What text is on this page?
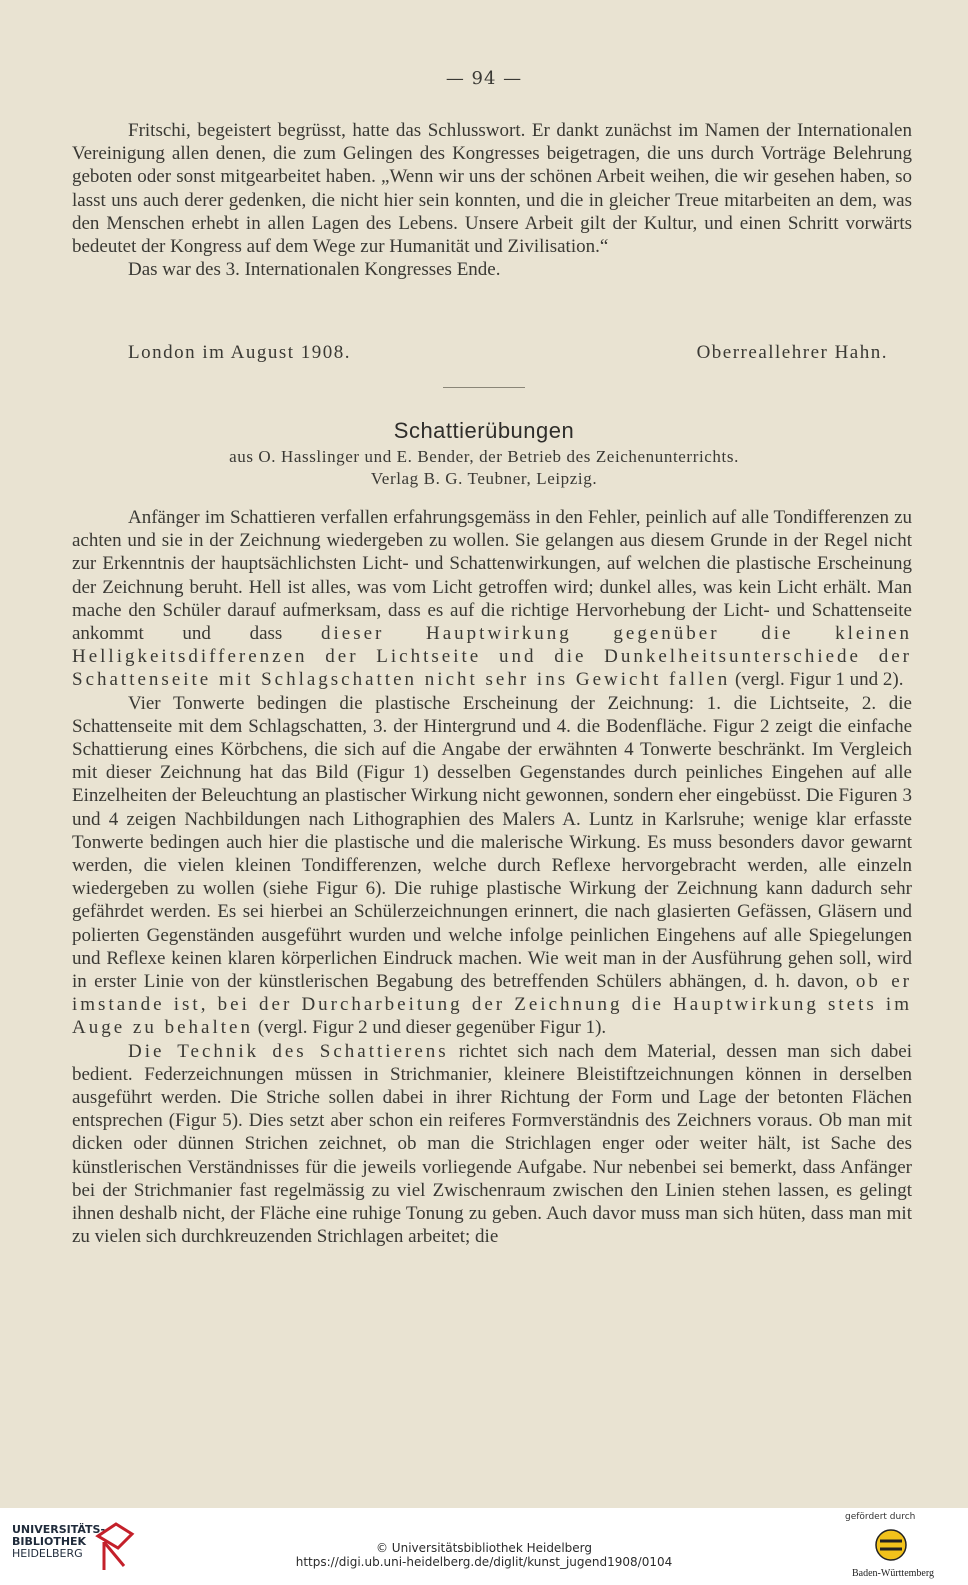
— 94 —

Fritschi, begeistert begrüsst, hatte das Schlusswort. Er dankt zunächst im Namen der Internationalen Vereinigung allen denen, die zum Gelingen des Kongresses beigetragen, die uns durch Vorträge Belehrung geboten oder sonst mitgearbeitet haben. „Wenn wir uns der schönen Arbeit weihen, die wir gesehen haben, so lasst uns auch derer gedenken, die nicht hier sein konnten, und die in gleicher Treue mitarbeiten an dem, was den Menschen erhebt in allen Lagen des Lebens. Unsere Arbeit gilt der Kultur, und einen Schritt vorwärts bedeutet der Kongress auf dem Wege zur Humanität und Zivilisation.“

Das war des 3. Internationalen Kongresses Ende.

London im August 1908.	Oberreallehrer Hahn.
Schattierübungen
aus O. Hasslinger und E. Bender, der Betrieb des Zeichenunterrichts.
Verlag B. G. Teubner, Leipzig.

Anfänger im Schattieren verfallen erfahrungsgemäss in den Fehler, peinlich auf alle Tondifferenzen zu achten und sie in der Zeichnung wiedergeben zu wollen. Sie gelangen aus diesem Grunde in der Regel nicht zur Erkenntnis der hauptsächlichsten Licht- und Schattenwirkungen, auf welchen die plastische Erscheinung der Zeichnung beruht. Hell ist alles, was vom Licht getroffen wird; dunkel alles, was kein Licht erhält. Man mache den Schüler darauf aufmerksam, dass es auf die richtige Hervorhebung der Licht- und Schattenseite ankommt und dass dieser Hauptwirkung gegenüber die kleinen Helligkeitsdifferenzen der Lichtseite und die Dunkelheitsunterschiede der Schattenseite mit Schlagschatten nicht sehr ins Gewicht fallen (vergl. Figur 1 und 2).

Vier Tonwerte bedingen die plastische Erscheinung der Zeichnung: 1. die Lichtseite, 2. die Schattenseite mit dem Schlagschatten, 3. der Hintergrund und 4. die Bodenfläche. Figur 2 zeigt die einfache Schattierung eines Körbchens, die sich auf die Angabe der erwähnten 4 Tonwerte beschränkt. Im Vergleich mit dieser Zeichnung hat das Bild (Figur 1) desselben Gegenstandes durch peinliches Eingehen auf alle Einzelheiten der Beleuchtung an plastischer Wirkung nicht gewonnen, sondern eher eingebüsst. Die Figuren 3 und 4 zeigen Nachbildungen nach Lithographien des Malers A. Luntz in Karlsruhe; wenige klar erfasste Tonwerte bedingen auch hier die plastische und die malerische Wirkung. Es muss besonders davor gewarnt werden, die vielen kleinen Tondifferenzen, welche durch Reflexe hervorgebracht werden, alle einzeln wiedergeben zu wollen (siehe Figur 6). Die ruhige plastische Wirkung der Zeichnung kann dadurch sehr gefährdet werden. Es sei hierbei an Schülerzeichnungen erinnert, die nach glasierten Gefässen, Gläsern und polierten Gegenständen ausgeführt wurden und welche infolge peinlichen Eingehens auf alle Spiegelungen und Reflexe keinen klaren körperlichen Eindruck machen. Wie weit man in der Ausführung gehen soll, wird in erster Linie von der künstlerischen Begabung des betreffenden Schülers abhängen, d. h. davon, ob er imstande ist, bei der Durcharbeitung der Zeichnung die Hauptwirkung stets im Auge zu behalten (vergl. Figur 2 und dieser gegenüber Figur 1).

Die Technik des Schattierens richtet sich nach dem Material, dessen man sich dabei bedient. Federzeichnungen müssen in Strichmanier, kleinere Bleistiftzeichnungen können in derselben ausgeführt werden. Die Striche sollen dabei in ihrer Richtung der Form und Lage der betonten Flächen entsprechen (Figur 5). Dies setzt aber schon ein reiferes Formverständnis des Zeichners voraus. Ob man mit dicken oder dünnen Strichen zeichnet, ob man die Strichlagen enger oder weiter hält, ist Sache des künstlerischen Verständnisses für die jeweils vorliegende Aufgabe. Nur nebenbei sei bemerkt, dass Anfänger bei der Strichmanier fast regelmässig zu viel Zwischenraum zwischen den Linien stehen lassen, es gelingt ihnen deshalb nicht, der Fläche eine ruhige Tonung zu geben. Auch davor muss man sich hüten, dass man mit zu vielen sich durchkreuzenden Strichlagen arbeitet; die

UNIVERSITÄTS-
BIBLIOTHEK
HEIDELBERG	© Universitätsbibliothek Heidelberg
https://digi.ub.uni-heidelberg.de/diglit/kunst_jugend1908/0104
gefördert durch
Baden-Württemberg
